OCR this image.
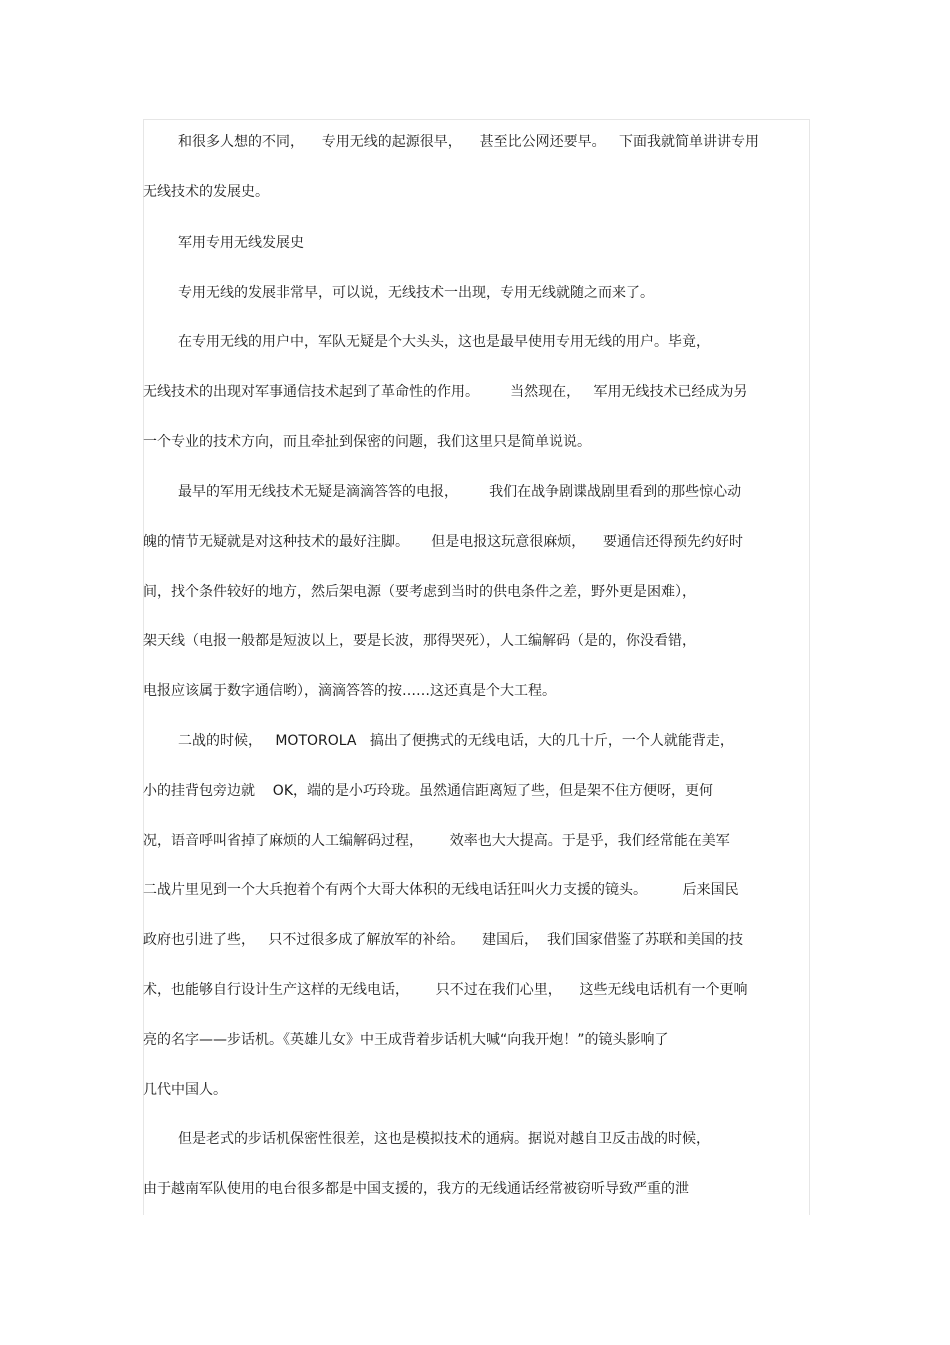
和很多人想的不同，    专用无线的起源很早，    甚至比公网还要早。   下面我就简单讲讲专用
无线技术的发展史。
军用专用无线发展史
专用无线的发展非常早，可以说，无线技术一出现，专用无线就随之而来了。
在专用无线的用户中，军队无疑是个大头头，这也是最早使用专用无线的用户。毕竟，
无线技术的出现对军事通信技术起到了革命性的作用。       当然现在，   军用无线技术已经成为另
一个专业的技术方向，而且牵扯到保密的问题，我们这里只是简单说说。
最早的军用无线技术无疑是滴滴答答的电报，       我们在战争剧谍战剧里看到的那些惊心动
魄的情节无疑就是对这种技术的最好注脚。     但是电报这玩意很麻烦，    要通信还得预先约好时
间，找个条件较好的地方，然后架电源（要考虑到当时的供电条件之差，野外更是困难），
架天线（电报一般都是短波以上，要是长波，那得哭死），人工编解码（是的，你没看错，
电报应该属于数字通信哟），滴滴答答的按……这还真是个大工程。
二战的时候，   MOTOROLA   搞出了便携式的无线电话，大的几十斤，一个人就能背走，
小的挂背包旁边就    OK，端的是小巧玲珑。虽然通信距离短了些，但是架不住方便呀，更何
况，语音呼叫省掉了麻烦的人工编解码过程，      效率也大大提高。于是乎，我们经常能在美军
二战片里见到一个大兵抱着个有两个大哥大体积的无线电话狂叫火力支援的镜头。        后来国民
政府也引进了些，   只不过很多成了解放军的补给。    建国后，  我们国家借鉴了苏联和美国的技
术，也能够自行设计生产这样的无线电话，      只不过在我们心里，    这些无线电话机有一个更响
亮的名字——步话机。《英雄儿女》中王成背着步话机大喊“向我开炮！”的镜头影响了
几代中国人。
但是老式的步话机保密性很差，这也是模拟技术的通病。据说对越自卫反击战的时候，
由于越南军队使用的电台很多都是中国支援的，我方的无线通话经常被窃听导致严重的泄
